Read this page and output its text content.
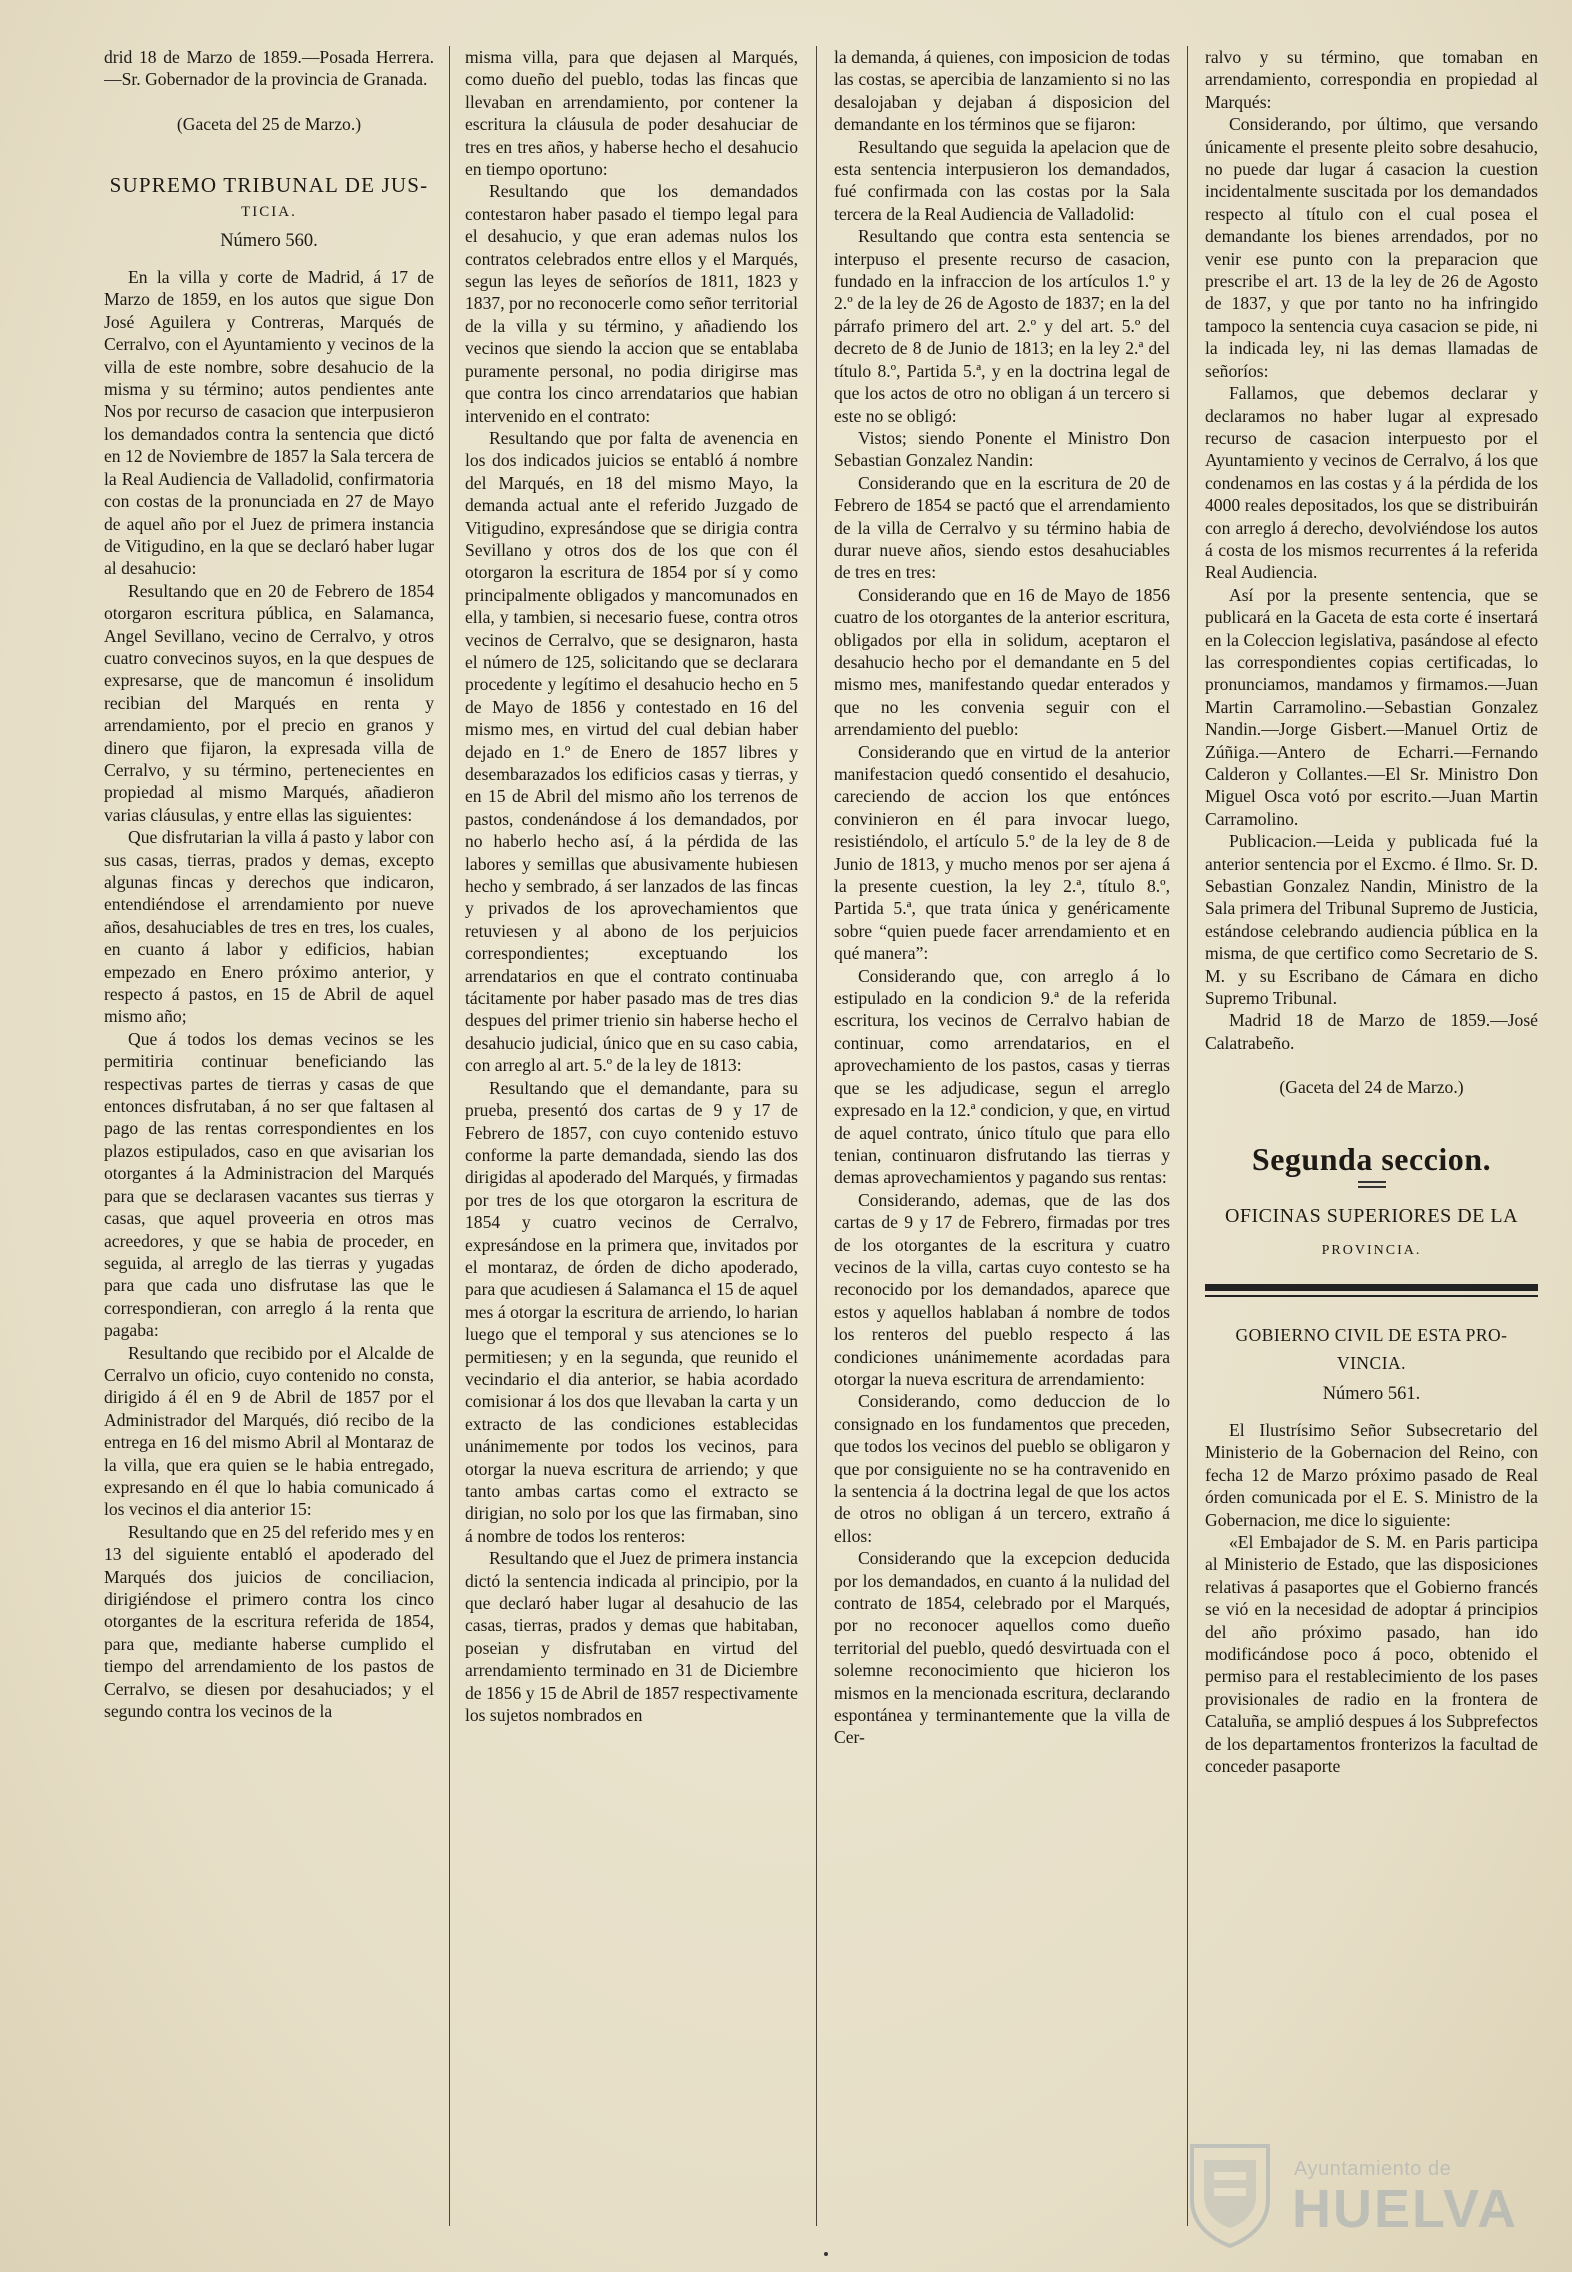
drid 18 de Marzo de 1859.—Posada Herrera.—Sr. Gobernador de la provincia de Granada.

(Gaceta del 25 de Marzo.)

SUPREMO TRIBUNAL DE JUS-
TICIA.
Número 560.

En la villa y corte de Madrid, á 17 de Marzo de 1859, en los autos que sigue Don José Aguilera y Contreras, Marqués de Cerralvo, con el Ayuntamiento y vecinos de la villa de este nombre, sobre desahucio de la misma y su término; autos pendientes ante Nos por recurso de casacion que interpusieron los demandados contra la sentencia que dictó en 12 de Noviembre de 1857 la Sala tercera de la Real Audiencia de Valladolid, confirmatoria con costas de la pronunciada en 27 de Mayo de aquel año por el Juez de primera instancia de Vitigudino, en la que se declaró haber lugar al desahucio:

Resultando que en 20 de Febrero de 1854 otorgaron escritura pública, en Salamanca, Angel Sevillano, vecino de Cerralvo, y otros cuatro convecinos suyos, en la que despues de expresarse, que de mancomun é insolidum recibian del Marqués en renta y arrendamiento, por el precio en granos y dinero que fijaron, la expresada villa de Cerralvo, y su término, pertenecientes en propiedad al mismo Marqués, añadieron varias cláusulas, y entre ellas las siguientes:

Que disfrutarian la villa á pasto y labor con sus casas, tierras, prados y demas, excepto algunas fincas y derechos que indicaron, entendiéndose el arrendamiento por nueve años, desahuciables de tres en tres, los cuales, en cuanto á labor y edificios, habian empezado en Enero próximo anterior, y respecto á pastos, en 15 de Abril de aquel mismo año;

Que á todos los demas vecinos se les permitiria continuar beneficiando las respectivas partes de tierras y casas de que entonces disfrutaban, á no ser que faltasen al pago de las rentas correspondientes en los plazos estipulados, caso en que avisarian los otorgantes á la Administracion del Marqués para que se declarasen vacantes sus tierras y casas, que aquel proveeria en otros mas acreedores, y que se habia de proceder, en seguida, al arreglo de las tierras y yugadas para que cada uno disfrutase las que le correspondieran, con arreglo á la renta que pagaba:

Resultando que recibido por el Alcalde de Cerralvo un oficio, cuyo contenido no consta, dirigido á él en 9 de Abril de 1857 por el Administrador del Marqués, dió recibo de la entrega en 16 del mismo Abril al Montaraz de la villa, que era quien se le habia entregado, expresando en él que lo habia comunicado á los vecinos el dia anterior 15:

Resultando que en 25 del referido mes y en 13 del siguiente entabló el apoderado del Marqués dos juicios de conciliacion, dirigiéndose el primero contra los cinco otorgantes de la escritura referida de 1854, para que, mediante haberse cumplido el tiempo del arrendamiento de los pastos de Cerralvo, se diesen por desahuciados; y el segundo contra los vecinos de la

misma villa, para que dejasen al Marqués, como dueño del pueblo, todas las fincas que llevaban en arrendamiento, por contener la escritura la cláusula de poder desahuciar de tres en tres años, y haberse hecho el desahucio en tiempo oportuno:

Resultando que los demandados contestaron haber pasado el tiempo legal para el desahucio, y que eran ademas nulos los contratos celebrados entre ellos y el Marqués, segun las leyes de señoríos de 1811, 1823 y 1837, por no reconocerle como señor territorial de la villa y su término, y añadiendo los vecinos que siendo la accion que se entablaba puramente personal, no podia dirigirse mas que contra los cinco arrendatarios que habian intervenido en el contrato:

Resultando que por falta de avenencia en los dos indicados juicios se entabló á nombre del Marqués, en 18 del mismo Mayo, la demanda actual ante el referido Juzgado de Vitigudino, expresándose que se dirigia contra Sevillano y otros dos de los que con él otorgaron la escritura de 1854 por sí y como principalmente obligados y mancomunados en ella, y tambien, si necesario fuese, contra otros vecinos de Cerralvo, que se designaron, hasta el número de 125, solicitando que se declarara procedente y legítimo el desahucio hecho en 5 de Mayo de 1856 y contestado en 16 del mismo mes, en virtud del cual debian haber dejado en 1.º de Enero de 1857 libres y desembarazados los edificios casas y tierras, y en 15 de Abril del mismo año los terrenos de pastos, condenándose á los demandados, por no haberlo hecho así, á la pérdida de las labores y semillas que abusivamente hubiesen hecho y sembrado, á ser lanzados de las fincas y privados de los aprovechamientos que retuviesen y al abono de los perjuicios correspondientes; exceptuando los arrendatarios en que el contrato continuaba tácitamente por haber pasado mas de tres dias despues del primer trienio sin haberse hecho el desahucio judicial, único que en su caso cabia, con arreglo al art. 5.º de la ley de 1813:

Resultando que el demandante, para su prueba, presentó dos cartas de 9 y 17 de Febrero de 1857, con cuyo contenido estuvo conforme la parte demandada, siendo las dos dirigidas al apoderado del Marqués, y firmadas por tres de los que otorgaron la escritura de 1854 y cuatro vecinos de Cerralvo, expresándose en la primera que, invitados por el montaraz, de órden de dicho apoderado, para que acudiesen á Salamanca el 15 de aquel mes á otorgar la escritura de arriendo, lo harian luego que el temporal y sus atenciones se lo permitiesen; y en la segunda, que reunido el vecindario el dia anterior, se habia acordado comisionar á los dos que llevaban la carta y un extracto de las condiciones establecidas unánimemente por todos los vecinos, para otorgar la nueva escritura de arriendo; y que tanto ambas cartas como el extracto se dirigian, no solo por los que las firmaban, sino á nombre de todos los renteros:

Resultando que el Juez de primera instancia dictó la sentencia indicada al principio, por la que declaró haber lugar al desahucio de las casas, tierras, prados y demas que habitaban, poseian y disfrutaban en virtud del arrendamiento terminado en 31 de Diciembre de 1856 y 15 de Abril de 1857 respectivamente los sujetos nombrados en

la demanda, á quienes, con imposicion de todas las costas, se apercibia de lanzamiento si no las desalojaban y dejaban á disposicion del demandante en los términos que se fijaron:

Resultando que seguida la apelacion que de esta sentencia interpusieron los demandados, fué confirmada con las costas por la Sala tercera de la Real Audiencia de Valladolid:

Resultando que contra esta sentencia se interpuso el presente recurso de casacion, fundado en la infraccion de los artículos 1.º y 2.º de la ley de 26 de Agosto de 1837; en la del párrafo primero del art. 2.º y del art. 5.º del decreto de 8 de Junio de 1813; en la ley 2.ª del título 8.º, Partida 5.ª, y en la doctrina legal de que los actos de otro no obligan á un tercero si este no se obligó:

Vistos; siendo Ponente el Ministro Don Sebastian Gonzalez Nandin:

Considerando que en la escritura de 20 de Febrero de 1854 se pactó que el arrendamiento de la villa de Cerralvo y su término habia de durar nueve años, siendo estos desahuciables de tres en tres:

Considerando que en 16 de Mayo de 1856 cuatro de los otorgantes de la anterior escritura, obligados por ella in solidum, aceptaron el desahucio hecho por el demandante en 5 del mismo mes, manifestando quedar enterados y que no les convenia seguir con el arrendamiento del pueblo:

Considerando que en virtud de la anterior manifestacion quedó consentido el desahucio, careciendo de accion los que entónces convinieron en él para invocar luego, resistiéndolo, el artículo 5.º de la ley de 8 de Junio de 1813, y mucho menos por ser ajena á la presente cuestion, la ley 2.ª, título 8.º, Partida 5.ª, que trata única y genéricamente sobre “quien puede facer arrendamiento et en qué manera”:

Considerando que, con arreglo á lo estipulado en la condicion 9.ª de la referida escritura, los vecinos de Cerralvo habian de continuar, como arrendatarios, en el aprovechamiento de los pastos, casas y tierras que se les adjudicase, segun el arreglo expresado en la 12.ª condicion, y que, en virtud de aquel contrato, único título que para ello tenian, continuaron disfrutando las tierras y demas aprovechamientos y pagando sus rentas:

Considerando, ademas, que de las dos cartas de 9 y 17 de Febrero, firmadas por tres de los otorgantes de la escritura y cuatro vecinos de la villa, cartas cuyo contesto se ha reconocido por los demandados, aparece que estos y aquellos hablaban á nombre de todos los renteros del pueblo respecto á las condiciones unánimemente acordadas para otorgar la nueva escritura de arrendamiento:

Considerando, como deduccion de lo consignado en los fundamentos que preceden, que todos los vecinos del pueblo se obligaron y que por consiguiente no se ha contravenido en la sentencia á la doctrina legal de que los actos de otros no obligan á un tercero, extraño á ellos:

Considerando que la excepcion deducida por los demandados, en cuanto á la nulidad del contrato de 1854, celebrado por el Marqués, por no reconocer aquellos como dueño territorial del pueblo, quedó desvirtuada con el solemne reconocimiento que hicieron los mismos en la mencionada escritura, declarando espontánea y terminantemente que la villa de Cer-

ralvo y su término, que tomaban en arrendamiento, correspondia en propiedad al Marqués:

Considerando, por último, que versando únicamente el presente pleito sobre desahucio, no puede dar lugar á casacion la cuestion incidentalmente suscitada por los demandados respecto al título con el cual posea el demandante los bienes arrendados, por no venir ese punto con la preparacion que prescribe el art. 13 de la ley de 26 de Agosto de 1837, y que por tanto no ha infringido tampoco la sentencia cuya casacion se pide, ni la indicada ley, ni las demas llamadas de señoríos:

Fallamos, que debemos declarar y declaramos no haber lugar al expresado recurso de casacion interpuesto por el Ayuntamiento y vecinos de Cerralvo, á los que condenamos en las costas y á la pérdida de los 4000 reales depositados, los que se distribuirán con arreglo á derecho, devolviéndose los autos á costa de los mismos recurrentes á la referida Real Audiencia.

Así por la presente sentencia, que se publicará en la Gaceta de esta corte é insertará en la Coleccion legislativa, pasándose al efecto las correspondientes copias certificadas, lo pronunciamos, mandamos y firmamos.—Juan Martin Carramolino.—Sebastian Gonzalez Nandin.—Jorge Gisbert.—Manuel Ortiz de Zúñiga.—Antero de Echarri.—Fernando Calderon y Collantes.—El Sr. Ministro Don Miguel Osca votó por escrito.—Juan Martin Carramolino.

Publicacion.—Leida y publicada fué la anterior sentencia por el Excmo. é Ilmo. Sr. D. Sebastian Gonzalez Nandin, Ministro de la Sala primera del Tribunal Supremo de Justicia, estándose celebrando audiencia pública en la misma, de que certifico como Secretario de S. M. y su Escribano de Cámara en dicho Supremo Tribunal.

Madrid 18 de Marzo de 1859.—José Calatrabeño.

(Gaceta del 24 de Marzo.)

Segunda seccion.
OFICINAS SUPERIORES DE LA
PROVINCIA.
GOBIERNO CIVIL DE ESTA PRO-
VINCIA.
Número 561.

El Ilustrísimo Señor Subsecretario del Ministerio de la Gobernacion del Reino, con fecha 12 de Marzo próximo pasado de Real órden comunicada por el E. S. Ministro de la Gobernacion, me dice lo siguiente:

«El Embajador de S. M. en Paris participa al Ministerio de Estado, que las disposiciones relativas á pasaportes que el Gobierno francés se vió en la necesidad de adoptar á principios del año próximo pasado, han ido modificándose poco á poco, obtenido el permiso para el restablecimiento de los pases provisionales de radio en la frontera de Cataluña, se amplió despues á los Subprefectos de los departamentos fronterizos la facultad de conceder pasaporte

Ayuntamiento de
HUELVA
